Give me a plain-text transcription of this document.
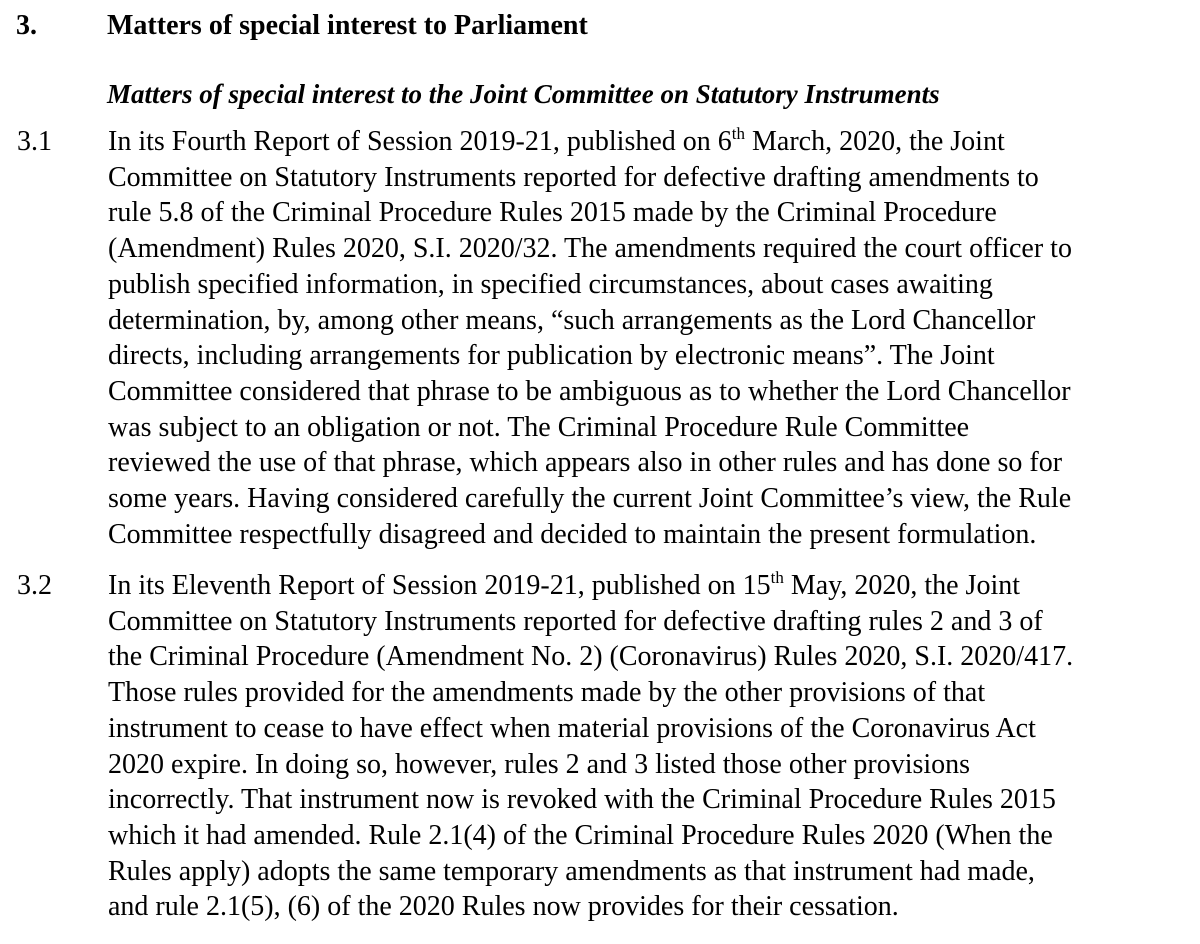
3.	Matters of special interest to Parliament
Matters of special interest to the Joint Committee on Statutory Instruments
3.1 In its Fourth Report of Session 2019-21, published on 6th March, 2020, the Joint
Committee on Statutory Instruments reported for defective drafting amendments to
rule 5.8 of the Criminal Procedure Rules 2015 made by the Criminal Procedure
(Amendment) Rules 2020, S.I. 2020/32. The amendments required the court officer to
publish specified information, in specified circumstances, about cases awaiting
determination, by, among other means, “such arrangements as the Lord Chancellor
directs, including arrangements for publication by electronic means”. The Joint
Committee considered that phrase to be ambiguous as to whether the Lord Chancellor
was subject to an obligation or not. The Criminal Procedure Rule Committee
reviewed the use of that phrase, which appears also in other rules and has done so for
some years. Having considered carefully the current Joint Committee’s view, the Rule
Committee respectfully disagreed and decided to maintain the present formulation.
3.2 In its Eleventh Report of Session 2019-21, published on 15th May, 2020, the Joint
Committee on Statutory Instruments reported for defective drafting rules 2 and 3 of
the Criminal Procedure (Amendment No. 2) (Coronavirus) Rules 2020, S.I. 2020/417.
Those rules provided for the amendments made by the other provisions of that
instrument to cease to have effect when material provisions of the Coronavirus Act
2020 expire. In doing so, however, rules 2 and 3 listed those other provisions
incorrectly. That instrument now is revoked with the Criminal Procedure Rules 2015
which it had amended. Rule 2.1(4) of the Criminal Procedure Rules 2020 (When the
Rules apply) adopts the same temporary amendments as that instrument had made,
and rule 2.1(5), (6) of the 2020 Rules now provides for their cessation.
